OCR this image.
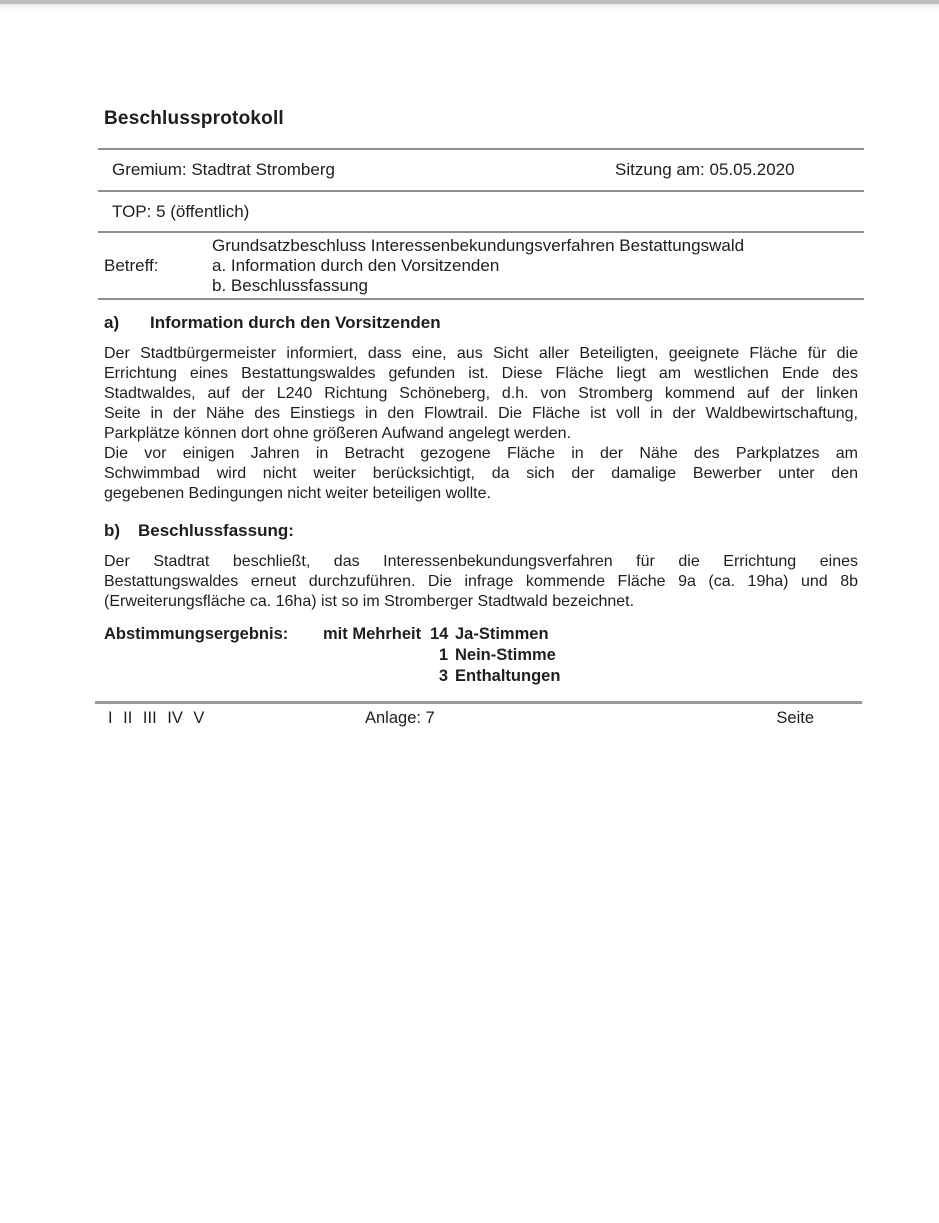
Beschlussprotokoll
Gremium: Stadtrat Stromberg	Sitzung am: 05.05.2020
TOP: 5 (öffentlich)
Betreff:
Grundsatzbeschluss Interessenbekundungsverfahren Bestattungswald
a. Information durch den Vorsitzenden
b. Beschlussfassung
a)	Information durch den Vorsitzenden
Der Stadtbürgermeister informiert, dass eine, aus Sicht aller Beteiligten, geeignete Fläche für die
Errichtung eines Bestattungswaldes gefunden ist. Diese Fläche liegt am westlichen Ende des
Stadtwaldes, auf der L240 Richtung Schöneberg, d.h. von Stromberg kommend auf der linken
Seite in der Nähe des Einstiegs in den Flowtrail. Die Fläche ist voll in der Waldbewirtschaftung,
Parkplätze können dort ohne größeren Aufwand angelegt werden.
Die vor einigen Jahren in Betracht gezogene Fläche in der Nähe des Parkplatzes am
Schwimmbad wird nicht weiter berücksichtigt, da sich der damalige Bewerber unter den
gegebenen Bedingungen nicht weiter beteiligen wollte.
b)	Beschlussfassung:
Der Stadtrat beschließt, das Interessenbekundungsverfahren für die Errichtung eines
Bestattungswaldes erneut durchzuführen. Die infrage kommende Fläche 9a (ca. 19ha) und 8b
(Erweiterungsfläche ca. 16ha) ist so im Stromberger Stadtwald bezeichnet.
Abstimmungsergebnis:	mit Mehrheit 14 Ja-Stimmen
1 Nein-Stimme
3 Enthaltungen
I II III IV V	Anlage: 7	Seite
